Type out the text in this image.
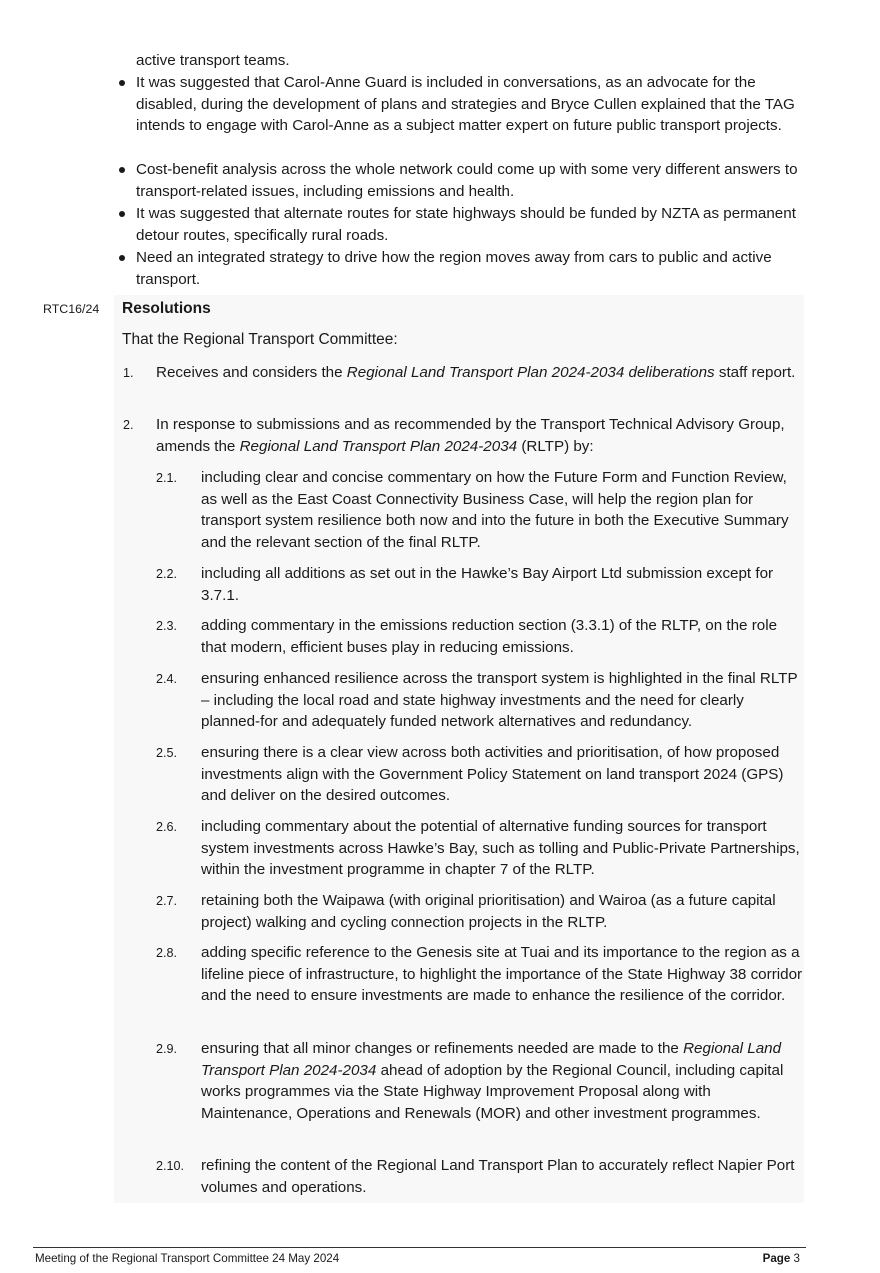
active transport teams.
It was suggested that Carol-Anne Guard is included in conversations, as an advocate for the disabled, during the development of plans and strategies and Bryce Cullen explained that the TAG intends to engage with Carol-Anne as a subject matter expert on future public transport projects.
Cost-benefit analysis across the whole network could come up with some very different answers to transport-related issues, including emissions and health.
It was suggested that alternate routes for state highways should be funded by NZTA as permanent detour routes, specifically rural roads.
Need an integrated strategy to drive how the region moves away from cars to public and active transport.
RTC16/24 Resolutions
That the Regional Transport Committee:
1. Receives and considers the Regional Land Transport Plan 2024-2034 deliberations staff report.
2. In response to submissions and as recommended by the Transport Technical Advisory Group, amends the Regional Land Transport Plan 2024-2034 (RLTP) by:
2.1. including clear and concise commentary on how the Future Form and Function Review, as well as the East Coast Connectivity Business Case, will help the region plan for transport system resilience both now and into the future in both the Executive Summary and the relevant section of the final RLTP.
2.2. including all additions as set out in the Hawke’s Bay Airport Ltd submission except for 3.7.1.
2.3. adding commentary in the emissions reduction section (3.3.1) of the RLTP, on the role that modern, efficient buses play in reducing emissions.
2.4. ensuring enhanced resilience across the transport system is highlighted in the final RLTP – including the local road and state highway investments and the need for clearly planned-for and adequately funded network alternatives and redundancy.
2.5. ensuring there is a clear view across both activities and prioritisation, of how proposed investments align with the Government Policy Statement on land transport 2024 (GPS) and deliver on the desired outcomes.
2.6. including commentary about the potential of alternative funding sources for transport system investments across Hawke’s Bay, such as tolling and Public-Private Partnerships, within the investment programme in chapter 7 of the RLTP.
2.7. retaining both the Waipawa (with original prioritisation) and Wairoa (as a future capital project) walking and cycling connection projects in the RLTP.
2.8. adding specific reference to the Genesis site at Tuai and its importance to the region as a lifeline piece of infrastructure, to highlight the importance of the State Highway 38 corridor and the need to ensure investments are made to enhance the resilience of the corridor.
2.9. ensuring that all minor changes or refinements needed are made to the Regional Land Transport Plan 2024-2034 ahead of adoption by the Regional Council, including capital works programmes via the State Highway Improvement Proposal along with Maintenance, Operations and Renewals (MOR) and other investment programmes.
2.10. refining the content of the Regional Land Transport Plan to accurately reflect Napier Port volumes and operations.
Meeting of the Regional Transport Committee 24 May 2024	Page 3
